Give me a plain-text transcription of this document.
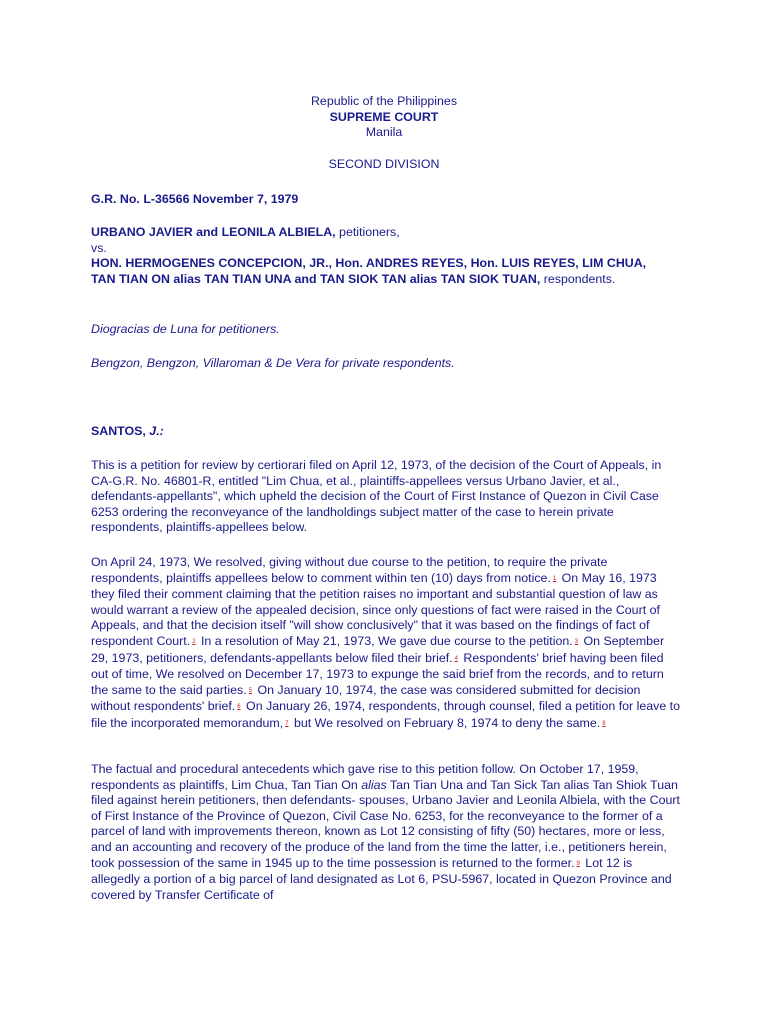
Republic of the Philippines
SUPREME COURT
Manila
SECOND DIVISION
G.R. No. L-36566 November 7, 1979
URBANO JAVIER and LEONILA ALBIELA, petitioners,
vs.
HON. HERMOGENES CONCEPCION, JR., Hon. ANDRES REYES, Hon. LUIS REYES, LIM CHUA, TAN TIAN ON alias TAN TIAN UNA and TAN SIOK TAN alias TAN SIOK TUAN, respondents.
Diogracias de Luna for petitioners.
Bengzon, Bengzon, Villaroman & De Vera for private respondents.
SANTOS, J.:

This is a petition for review by certiorari filed on April 12, 1973, of the decision of the Court of Appeals, in CA-G.R. No. 46801-R, entitled "Lim Chua, et al., plaintiffs-appellees versus Urbano Javier, et al., defendants-appellants", which upheld the decision of the Court of First Instance of Quezon in Civil Case 6253 ordering the reconveyance of the landholdings subject matter of the case to herein private respondents, plaintiffs-appellees below.

On April 24, 1973, We resolved, giving without due course to the petition, to require the private respondents, plaintiffs appellees below to comment within ten (10) days from notice. 1 On May 16, 1973 they filed their comment claiming that the petition raises no important and substantial question of law as would warrant a review of the appealed decision, since only questions of fact were raised in the Court of Appeals, and that the decision itself "will show conclusively" that it was based on the findings of fact of respondent Court. 2 In a resolution of May 21, 1973, We gave due course to the petition. 3 On September 29, 1973, petitioners, defendants-appellants below filed their brief. 4 Respondents' brief having been filed out of time, We resolved on December 17, 1973 to expunge the said brief from the records, and to return the same to the said parties. 5 On January 10, 1974, the case was considered submitted for decision without respondents' brief. 6 On January 26, 1974, respondents, through counsel, filed a petition for leave to file the incorporated memorandum, 7 but We resolved on February 8, 1974 to deny the same. 8

The factual and procedural antecedents which gave rise to this petition follow. On October 17, 1959, respondents as plaintiffs, Lim Chua, Tan Tian On alias Tan Tian Una and Tan Sick Tan alias Tan Shiok Tuan filed against herein petitioners, then defendants- spouses, Urbano Javier and Leonila Albiela, with the Court of First Instance of the Province of Quezon, Civil Case No. 6253, for the reconveyance to the former of a parcel of land with improvements thereon, known as Lot 12 consisting of fifty (50) hectares, more or less, and an accounting and recovery of the produce of the land from the time the latter, i.e., petitioners herein, took possession of the same in 1945 up to the time possession is returned to the former. 9 Lot 12 is allegedly a portion of a big parcel of land designated as Lot 6, PSU-5967, located in Quezon Province and covered by Transfer Certificate of
